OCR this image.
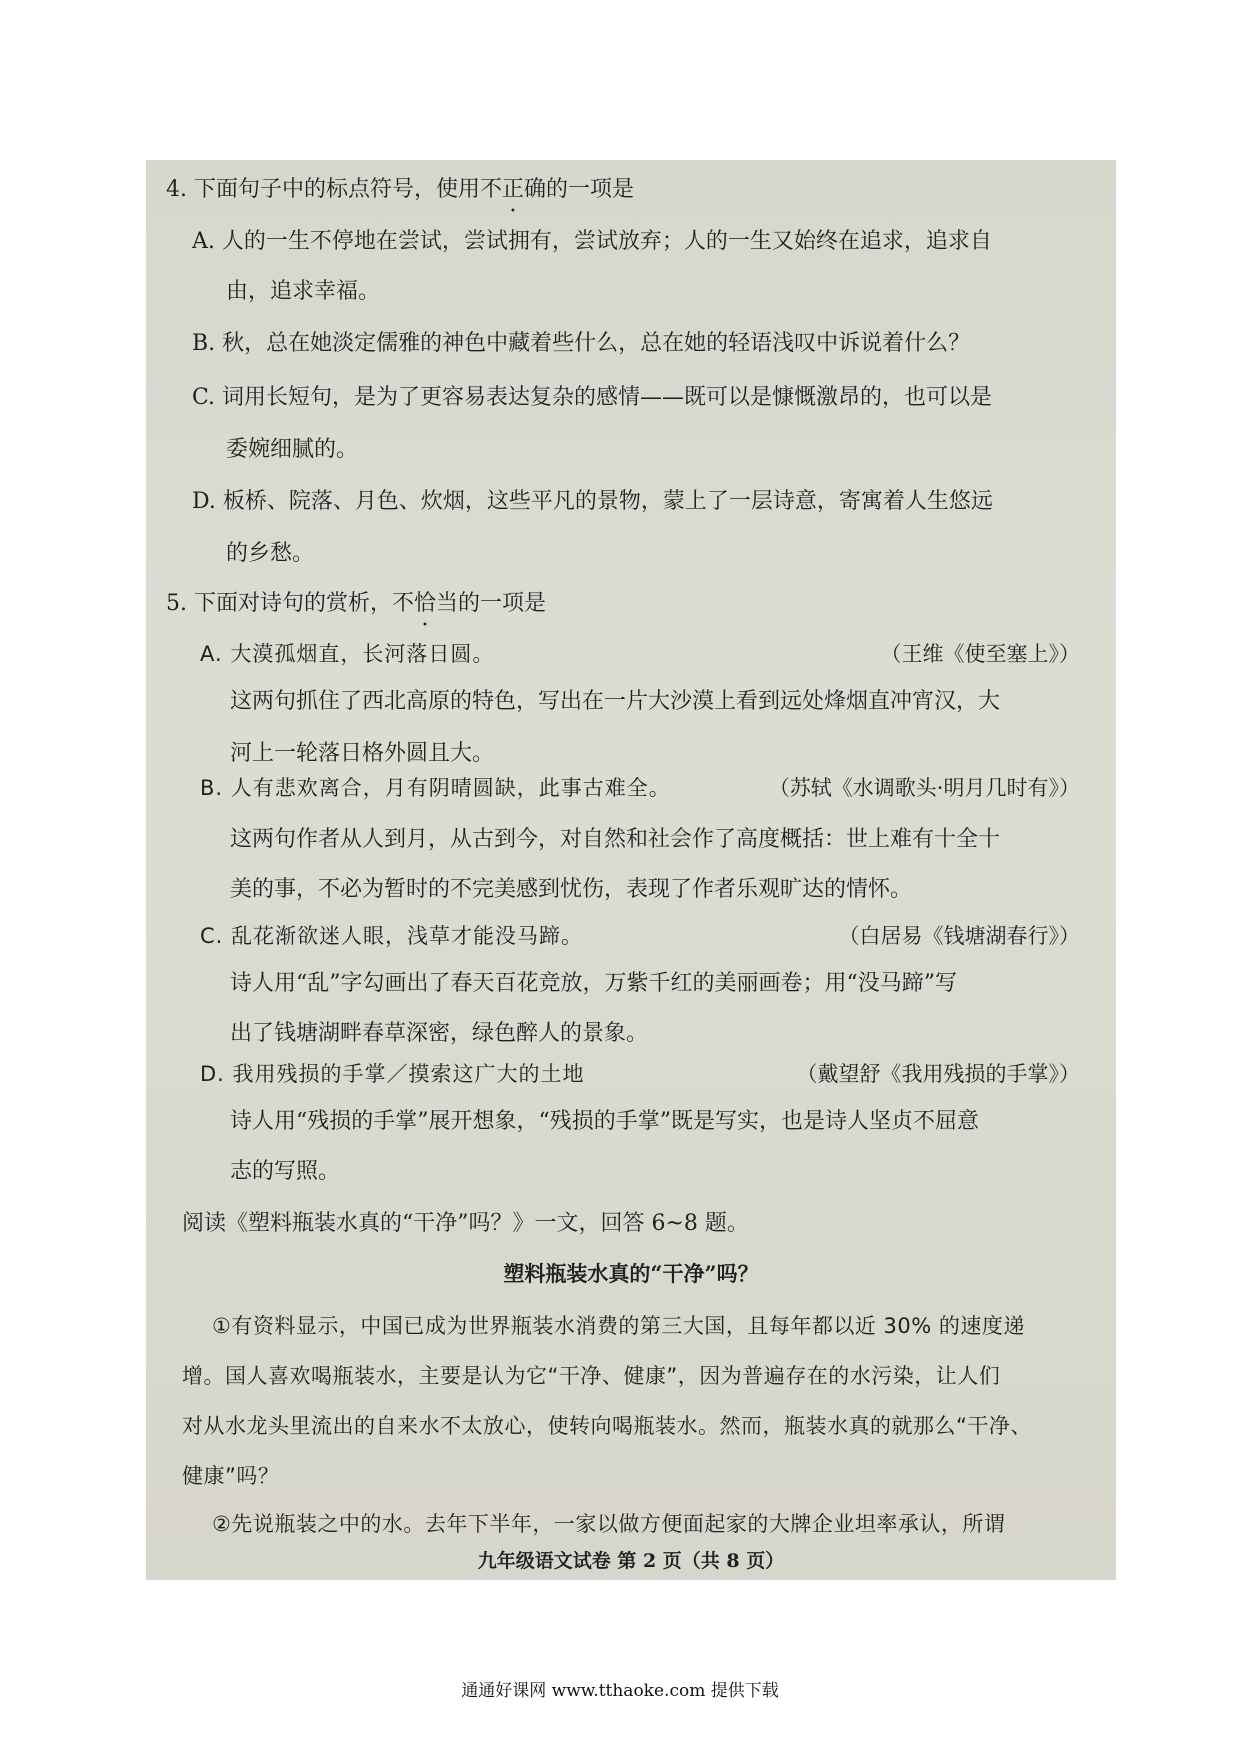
4. 下面句子中的标点符号，使用不正确的一项是
A. 人的一生不停地在尝试，尝试拥有，尝试放弃；人的一生又始终在追求，追求自
由，追求幸福。
B. 秋，总在她淡定儒雅的神色中藏着些什么，总在她的轻语浅叹中诉说着什么？
C. 词用长短句，是为了更容易表达复杂的感情——既可以是慷慨激昂的，也可以是
委婉细腻的。
D. 板桥、院落、月色、炊烟，这些平凡的景物，蒙上了一层诗意，寄寓着人生悠远
的乡愁。
5. 下面对诗句的赏析，不恰当的一项是
A. 大漠孤烟直，长河落日圆。	（王维《使至塞上》）
这两句抓住了西北高原的特色，写出在一片大沙漠上看到远处烽烟直冲宵汉，大
河上一轮落日格外圆且大。
B. 人有悲欢离合，月有阴晴圆缺，此事古难全。	（苏轼《水调歌头·明月几时有》）
这两句作者从人到月，从古到今，对自然和社会作了高度概括：世上难有十全十
美的事，不必为暂时的不完美感到忧伤，表现了作者乐观旷达的情怀。
C. 乱花渐欲迷人眼，浅草才能没马蹄。	（白居易《钱塘湖春行》）
诗人用“乱”字勾画出了春天百花竞放，万紫千红的美丽画卷；用“没马蹄”写
出了钱塘湖畔春草深密，绿色醉人的景象。
D. 我用残损的手掌／摸索这广大的土地	（戴望舒《我用残损的手掌》）
诗人用“残损的手掌”展开想象，“残损的手掌”既是写实，也是诗人坚贞不屈意
志的写照。
阅读《塑料瓶装水真的“干净”吗？》一文，回答 6~8 题。
塑料瓶装水真的“干净”吗？
①有资料显示，中国已成为世界瓶装水消费的第三大国，且每年都以近 30% 的速度递
增。国人喜欢喝瓶装水，主要是认为它“干净、健康”，因为普遍存在的水污染，让人们
对从水龙头里流出的自来水不太放心，使转向喝瓶装水。然而，瓶装水真的就那么“干净、
健康”吗？
②先说瓶装之中的水。去年下半年，一家以做方便面起家的大牌企业坦率承认，所谓
九年级语文试卷 第 2 页（共 8 页）
通通好课网 www.tthaoke.com 提供下载
